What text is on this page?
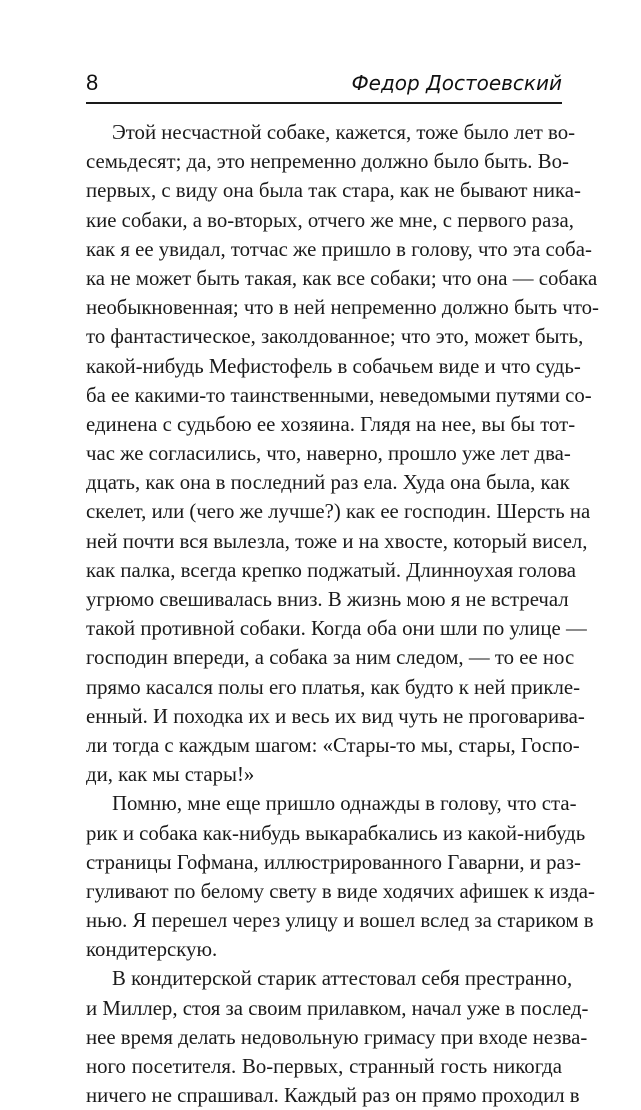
8	Федор Достоевский
Этой несчастной собаке, кажется, тоже было лет во-
семьдесят; да, это непременно должно было быть. Во-
первых, с виду она была так стара, как не бывают ника-
кие собаки, а во-вторых, отчего же мне, с первого раза,
как я ее увидал, тотчас же пришло в голову, что эта соба-
ка не может быть такая, как все собаки; что она — собака
необыкновенная; что в ней непременно должно быть что-
то фантастическое, заколдованное; что это, может быть,
какой-нибудь Мефистофель в собачьем виде и что судь-
ба ее какими-то таинственными, неведомыми путями со-
единена с судьбою ее хозяина. Глядя на нее, вы бы тот-
час же согласились, что, наверно, прошло уже лет два-
дцать, как она в последний раз ела. Худа она была, как
скелет, или (чего же лучше?) как ее господин. Шерсть на
ней почти вся вылезла, тоже и на хвосте, который висел,
как палка, всегда крепко поджатый. Длинноухая голова
угрюмо свешивалась вниз. В жизнь мою я не встречал
такой противной собаки. Когда оба они шли по улице —
господин впереди, а собака за ним следом, — то ее нос
прямо касался полы его платья, как будто к ней прикле-
енный. И походка их и весь их вид чуть не проговарива-
ли тогда с каждым шагом: «Стары-то мы, стары, Госпо-
ди, как мы стары!»
Помню, мне еще пришло однажды в голову, что ста-
рик и собака как-нибудь выкарабкались из какой-нибудь
страницы Гофмана, иллюстрированного Гаварни, и раз-
гуливают по белому свету в виде ходячих афишек к изда-
нью. Я перешел через улицу и вошел вслед за стариком в
кондитерскую.
В кондитерской старик аттестовал себя престранно,
и Миллер, стоя за своим прилавком, начал уже в послед-
нее время делать недовольную гримасу при входе незва-
ного посетителя. Во-первых, странный гость никогда
ничего не спрашивал. Каждый раз он прямо проходил в
